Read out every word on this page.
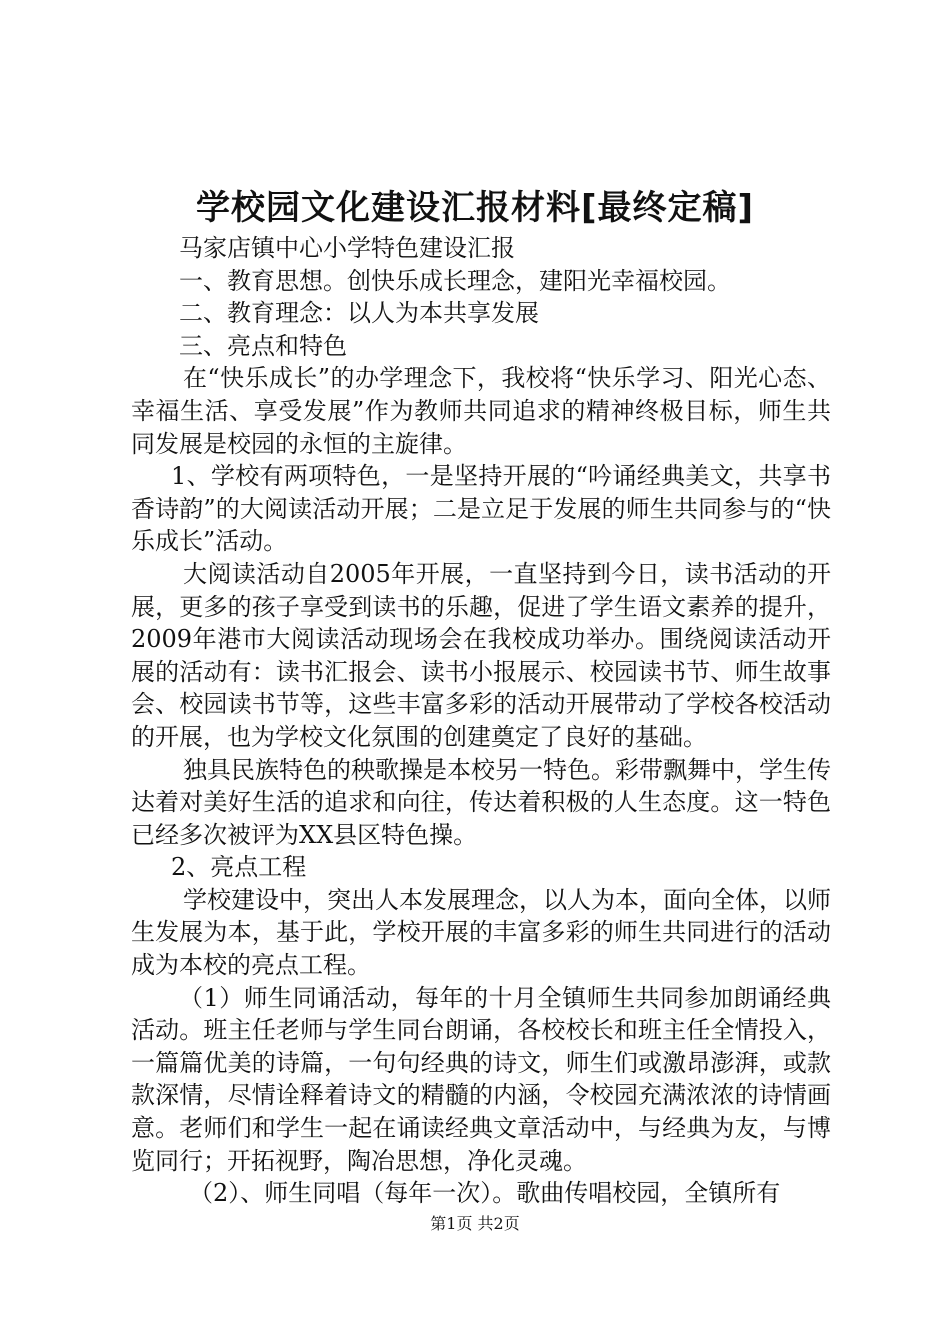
学校园文化建设汇报材料[最终定稿]

马家店镇中心小学特色建设汇报

一、教育思想。创快乐成长理念，建阳光幸福校园。

二、教育理念：以人为本共享发展

三、亮点和特色

在“快乐成长”的办学理念下，我校将“快乐学习、阳光心态、幸福生活、享受发展”作为教师共同追求的精神终极目标，师生共同发展是校园的永恒的主旋律。

1、学校有两项特色，一是坚持开展的“吟诵经典美文，共享书香诗韵”的大阅读活动开展；二是立足于发展的师生共同参与的“快乐成长”活动。

大阅读活动自2005年开展，一直坚持到今日，读书活动的开展，更多的孩子享受到读书的乐趣，促进了学生语文素养的提升，2009年港市大阅读活动现场会在我校成功举办。围绕阅读活动开展的活动有：读书汇报会、读书小报展示、校园读书节、师生故事会、校园读书节等，这些丰富多彩的活动开展带动了学校各校活动的开展，也为学校文化氛围的创建奠定了良好的基础。

独具民族特色的秧歌操是本校另一特色。彩带飘舞中，学生传达着对美好生活的追求和向往，传达着积极的人生态度。这一特色已经多次被评为XX县区特色操。

2、亮点工程

学校建设中，突出人本发展理念，以人为本，面向全体，以师生发展为本，基于此，学校开展的丰富多彩的师生共同进行的活动成为本校的亮点工程。

（1）师生同诵活动，每年的十月全镇师生共同参加朗诵经典活动。班主任老师与学生同台朗诵，各校校长和班主任全情投入，一篇篇优美的诗篇，一句句经典的诗文，师生们或激昂澎湃，或款款深情，尽情诠释着诗文的精髓的内涵，令校园充满浓浓的诗情画意。老师们和学生一起在诵读经典文章活动中，与经典为友，与博览同行；开拓视野，陶冶思想，净化灵魂。

（2）、师生同唱（每年一次）。歌曲传唱校园，全镇所有

第1页 共2页
